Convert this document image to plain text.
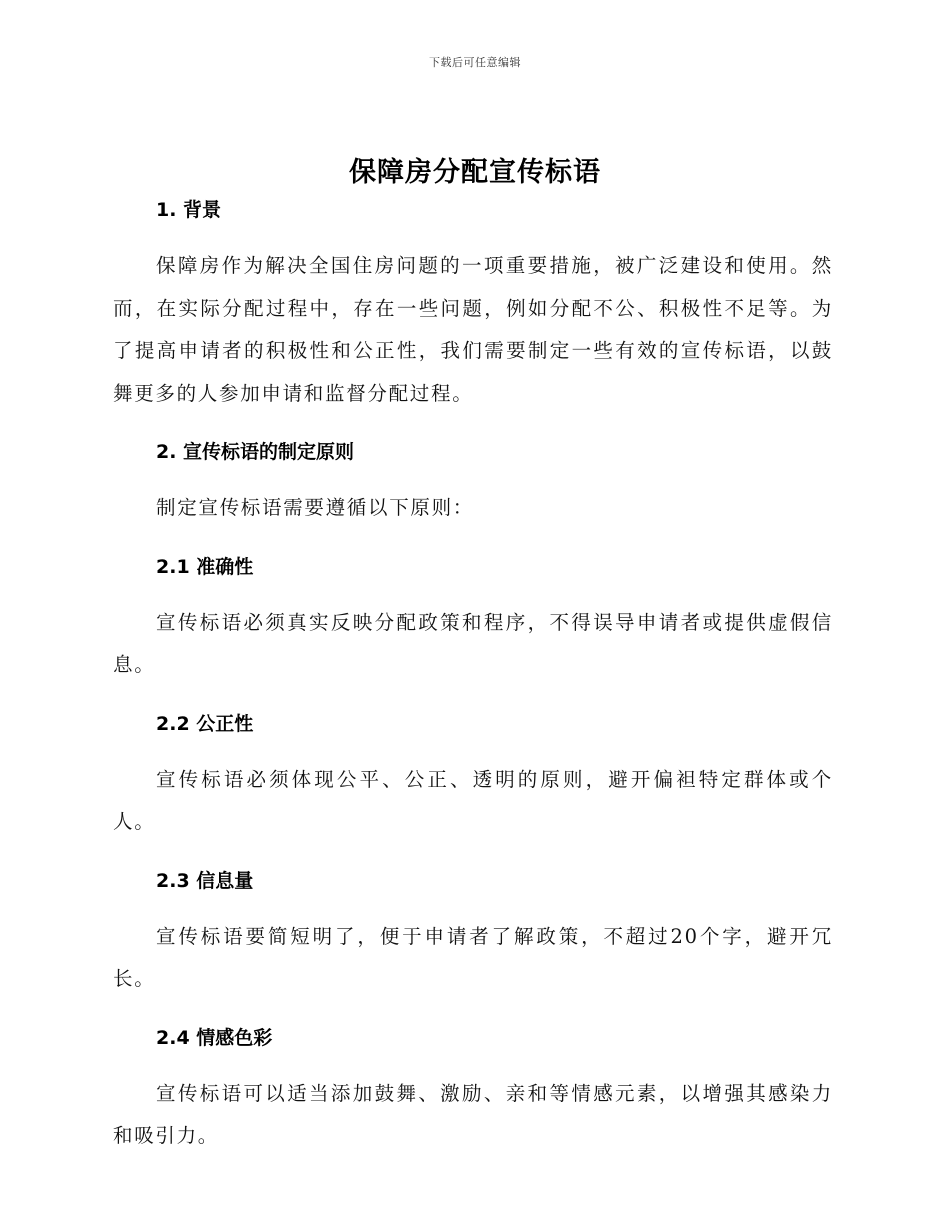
下载后可任意编辑
保障房分配宣传标语

1. 背景

保障房作为解决全国住房问题的一项重要措施，被广泛建设和使用。然而，在实际分配过程中，存在一些问题，例如分配不公、积极性不足等。为了提高申请者的积极性和公正性，我们需要制定一些有效的宣传标语，以鼓舞更多的人参加申请和监督分配过程。

2. 宣传标语的制定原则

制定宣传标语需要遵循以下原则：

2.1 准确性

宣传标语必须真实反映分配政策和程序，不得误导申请者或提供虚假信息。

2.2 公正性

宣传标语必须体现公平、公正、透明的原则，避开偏袒特定群体或个人。

2.3 信息量

宣传标语要简短明了，便于申请者了解政策，不超过20个字，避开冗长。

2.4 情感色彩

宣传标语可以适当添加鼓舞、激励、亲和等情感元素，以增强其感染力和吸引力。
